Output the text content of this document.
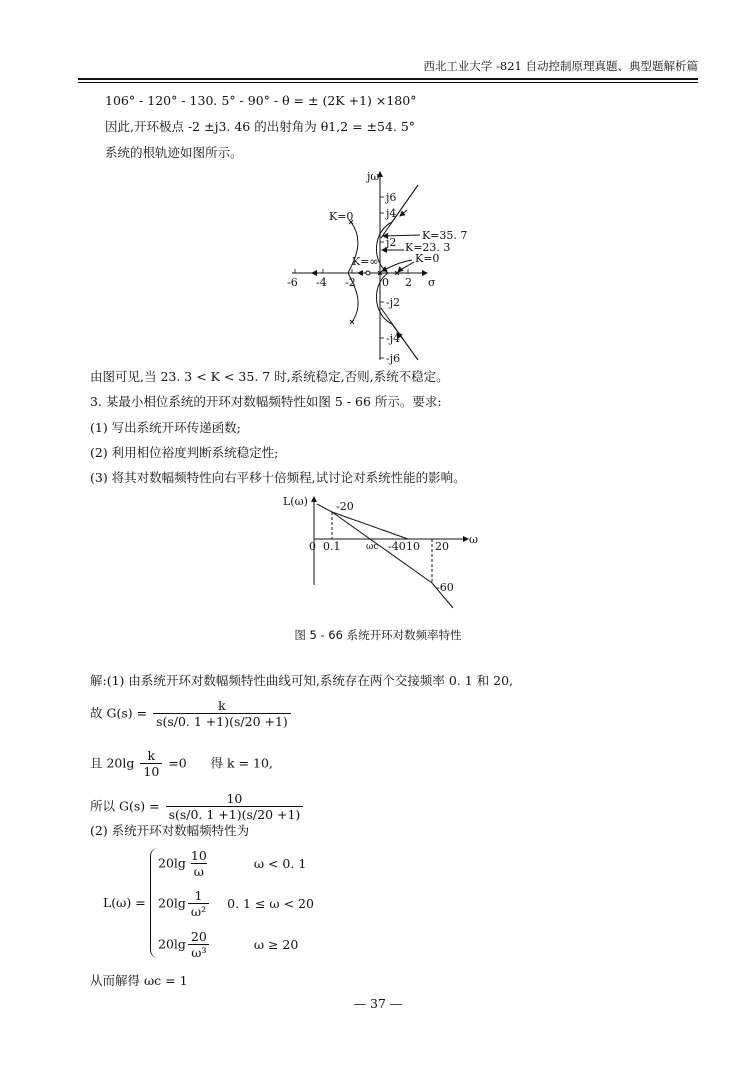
西北工业大学 -821 自动控制原理真题、典型题解析篇
106° - 120° - 130. 5° - 90° - θ = ± (2K +1) ×180°
因此,开环极点 -2 ±j3. 46 的出射角为 θ1,2 = ±54. 5°
系统的根轨迹如图所示。
jω
σ
-6 -4 -2 0 2
j6
j4
j2
-j2
-j4
-j6
K=0
K=35. 7
K=23. 3
K=0
K=∞
L(ω)
ω
-20
-40
-60
0 0.1	ωc	10 20
由图可见,当 23. 3 < K < 35. 7 时,系统稳定,否则,系统不稳定。
3. 某最小相位系统的开环对数幅频特性如图 5 - 66 所示。要求:
(1) 写出系统开环传递函数;
(2) 利用相位裕度判断系统稳定性;
(3) 将其对数幅频特性向右平移十倍频程,试讨论对系统性能的影响。
图 5 - 66 系统开环对数频率特性
解:(1) 由系统开环对数幅频特性曲线可知,系统存在两个交接频率 0. 1 和 20,
故 $G(s) = \frac{k}{s(s/0. 1 +1)(s/20 +1)}$
且 $20\lg \frac{k}{10} =0$      得 k = 10,
所以 $G(s) = \frac{10}{s(s/0. 1 +1)(s/20 +1)}$
(2) 系统开环对数幅频特性为
L(ω) =
$20\lg \frac{10}{\omega}$	ω < 0. 1
$20\lg \frac{1}{\text{ω²}} 0$. 1 ≤ ω < 20
$20\lg \frac{20}{\text{ω³}}$	ω ≥ 20
从而解得 ωc = 1
— 37 —
